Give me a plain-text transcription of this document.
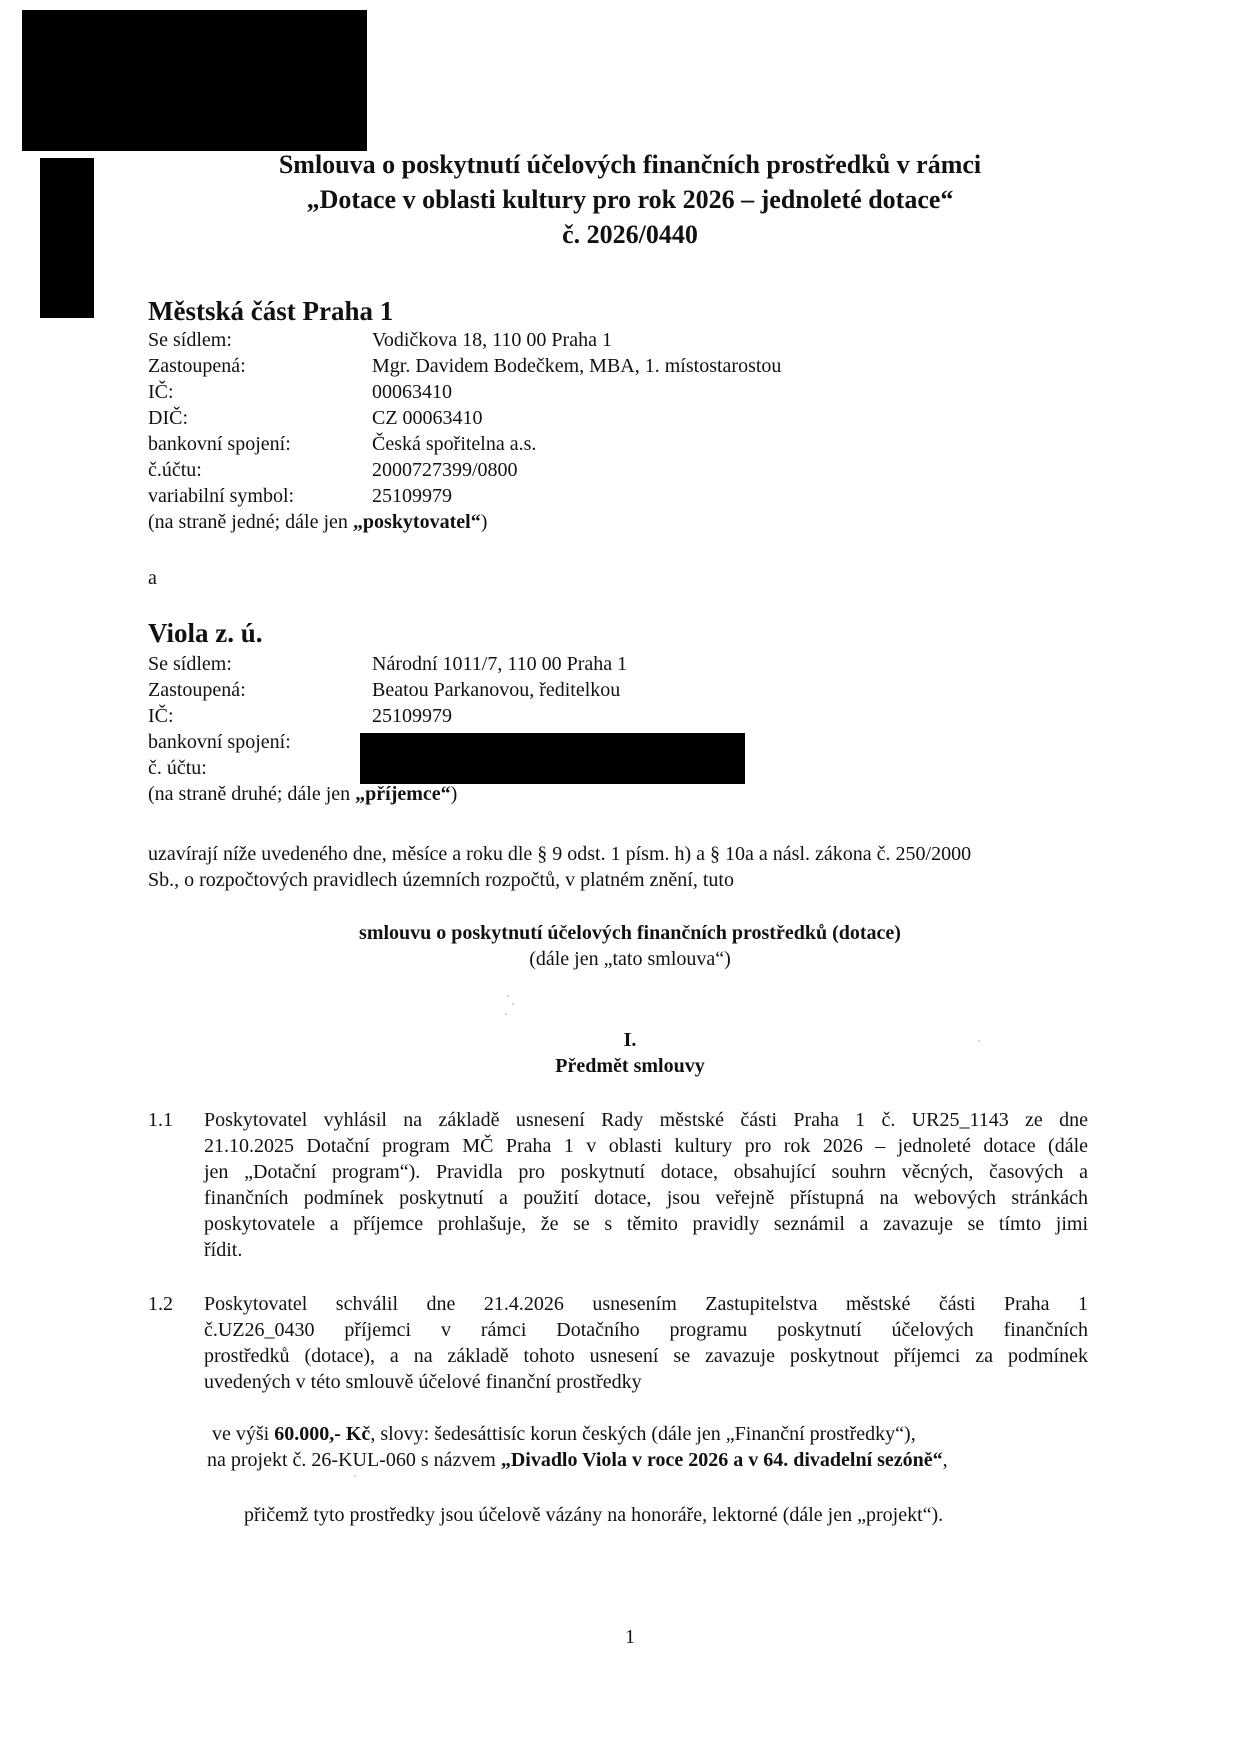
Smlouva o poskytnutí účelových finančních prostředků v rámci
„Dotace v oblasti kultury pro rok 2026 – jednoleté dotace“
č. 2026/0440
Městská část Praha 1
Se sídlem:	Vodičkova 18, 110 00 Praha 1
Zastoupená:	Mgr. Davidem Bodečkem, MBA, 1. místostarostou
IČ:	00063410
DIČ:	CZ 00063410
bankovní spojení:	Česká spořitelna a.s.
č.účtu:	2000727399/0800
variabilní symbol:	25109979
(na straně jedné; dále jen „poskytovatel“)
a
Viola z. ú.
Se sídlem:	Národní 1011/7, 110 00 Praha 1
Zastoupená:	Beatou Parkanovou, ředitelkou
IČ:	25109979
bankovní spojení:
č. účtu:
(na straně druhé; dále jen „příjemce“)
uzavírají níže uvedeného dne, měsíce a roku dle § 9 odst. 1 písm. h) a § 10a a násl. zákona č. 250/2000
Sb., o rozpočtových pravidlech územních rozpočtů, v platném znění, tuto
smlouvu o poskytnutí účelových finančních prostředků (dotace)
(dále jen „tato smlouva“)
I.
Předmět smlouvy
1.1 Poskytovatel vyhlásil na základě usnesení Rady městské části Praha 1 č. UR25_1143 ze dne
21.10.2025 Dotační program MČ Praha 1 v oblasti kultury pro rok 2026 – jednoleté dotace (dále
jen „Dotační program“). Pravidla pro poskytnutí dotace, obsahující souhrn věcných, časových a
finančních podmínek poskytnutí a použití dotace, jsou veřejně přístupná na webových stránkách
poskytovatele a příjemce prohlašuje, že se s těmito pravidly seznámil a zavazuje se tímto jimi
řídit.
1.2 Poskytovatel schválil dne 21.4.2026 usnesením Zastupitelstva městské části Praha 1
č.UZ26_0430 příjemci v rámci Dotačního programu poskytnutí účelových finančních
prostředků (dotace), a na základě tohoto usnesení se zavazuje poskytnout příjemci za podmínek
uvedených v této smlouvě účelové finanční prostředky
ve výši 60.000,- Kč, slovy: šedesáttisíc korun českých (dále jen „Finanční prostředky“),
na projekt č. 26-KUL-060 s názvem „Divadlo Viola v roce 2026 a v 64. divadelní sezóně“,
přičemž tyto prostředky jsou účelově vázány na honoráře, lektorné (dále jen „projekt“).
1
